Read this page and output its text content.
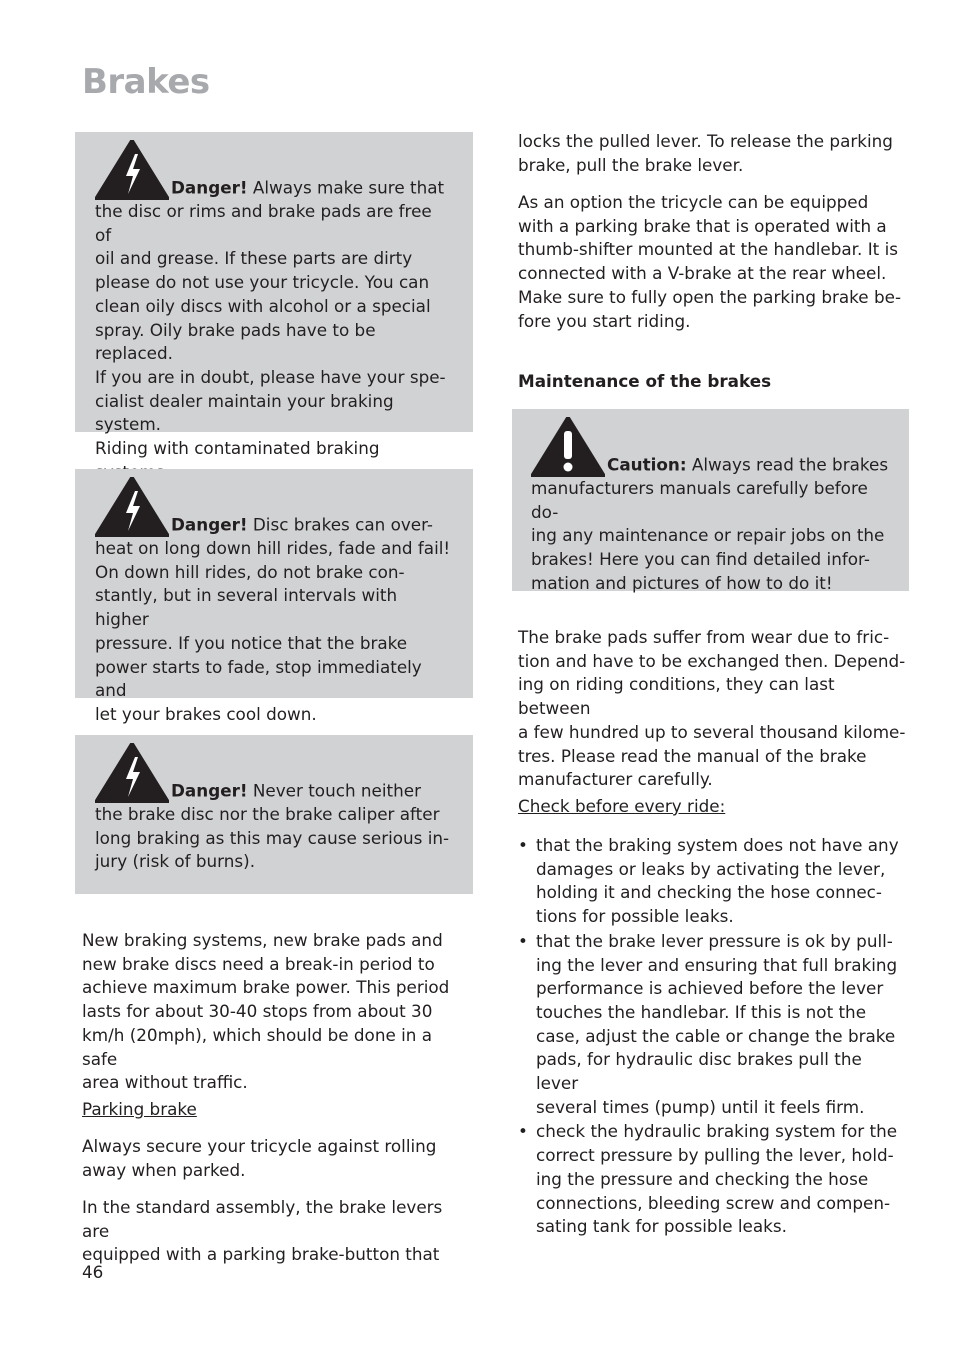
Brakes

Danger! Always make sure that
the disc or rims and brake pads are free of
oil and grease. If these parts are dirty
please do not use your tricycle. You can
clean oily discs with alcohol or a special
spray. Oily brake pads have to be replaced.
If you are in doubt, please have your spe-
cialist dealer maintain your braking system.
Riding with contaminated braking

Danger! Disc brakes can over-
heat on long down hill rides, fade and fail!
On down hill rides, do not brake con-
stantly, but in several intervals with higher
pressure. If you notice that the brake
power starts to fade, stop immediately and
let your brakes cool down.

Danger! Never touch neither
the brake disc nor the brake caliper after
long braking as this may cause serious in-
jury (risk of burns).

New braking systems, new brake pads and
new brake discs need a break-in period to
achieve maximum brake power. This period
lasts for about 30-40 stops from about 30
km/h (20mph), which should be done in a safe
area without traffic.

Parking brake

Always secure your tricycle against rolling
away when parked.

In the standard assembly, the brake levers are
equipped with a parking brake-button that

46

locks the pulled lever. To release the parking
brake, pull the brake lever.

As an option the tricycle can be equipped
with a parking brake that is operated with a
thumb-shifter mounted at the handlebar. It is
connected with a V-brake at the rear wheel.
Make sure to fully open the parking brake be-
fore you start riding.

Maintenance of the brakes

Caution: Always read the brakes
manufacturers manuals carefully before do-
ing any maintenance or repair jobs on the
brakes! Here you can find detailed infor-
mation and pictures of how to do it!

The brake pads suffer from wear due to fric-
tion and have to be exchanged then. Depend-
ing on riding conditions, they can last between
a few hundred up to several thousand kilome-
tres. Please read the manual of the brake
manufacturer carefully.

Check before every ride:

• that the braking system does not have any
damages or leaks by activating the lever,
holding it and checking the hose connec-
tions for possible leaks.
• that the brake lever pressure is ok by pull-
ing the lever and ensuring that full braking
performance is achieved before the lever
touches the handlebar. If this is not the
case, adjust the cable or change the brake
pads, for hydraulic disc brakes pull the lever
several times (pump) until it feels firm.
• check the hydraulic braking system for the
correct pressure by pulling the lever, hold-
ing the pressure and checking the hose
connections, bleeding screw and compen-
sating tank for possible leaks.
